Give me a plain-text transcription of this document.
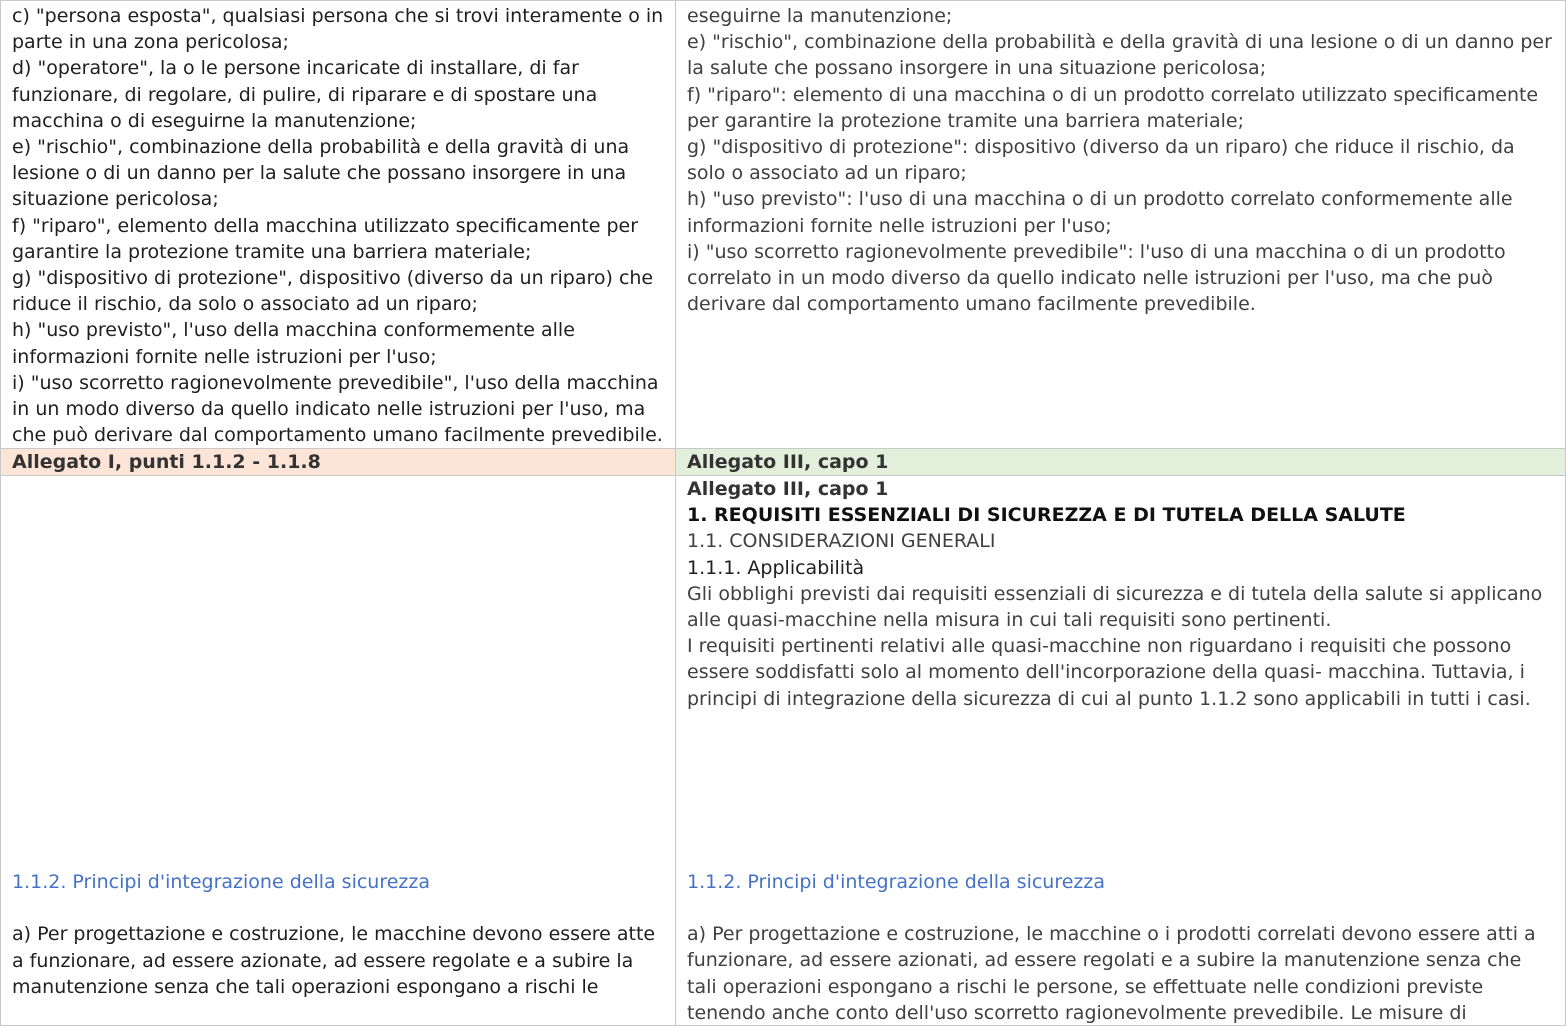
c) "persona esposta", qualsiasi persona che si trovi interamente o in
parte in una zona pericolosa;
d) "operatore", la o le persone incaricate di installare, di far
funzionare, di regolare, di pulire, di riparare e di spostare una
macchina o di eseguirne la manutenzione;
e) "rischio", combinazione della probabilità e della gravità di una
lesione o di un danno per la salute che possano insorgere in una
situazione pericolosa;
f) "riparo", elemento della macchina utilizzato specificamente per
garantire la protezione tramite una barriera materiale;
g) "dispositivo di protezione", dispositivo (diverso da un riparo) che
riduce il rischio, da solo o associato ad un riparo;
h) "uso previsto", l'uso della macchina conformemente alle
informazioni fornite nelle istruzioni per l'uso;
i) "uso scorretto ragionevolmente prevedibile", l'uso della macchina
in un modo diverso da quello indicato nelle istruzioni per l'uso, ma
che può derivare dal comportamento umano facilmente prevedibile.
eseguirne la manutenzione;
e) "rischio", combinazione della probabilità e della gravità di una lesione o di un danno per
la salute che possano insorgere in una situazione pericolosa;
f) "riparo": elemento di una macchina o di un prodotto correlato utilizzato specificamente
per garantire la protezione tramite una barriera materiale;
g) "dispositivo di protezione": dispositivo (diverso da un riparo) che riduce il rischio, da
solo o associato ad un riparo;
h) "uso previsto": l'uso di una macchina o di un prodotto correlato conformemente alle
informazioni fornite nelle istruzioni per l'uso;
i) "uso scorretto ragionevolmente prevedibile": l'uso di una macchina o di un prodotto
correlato in un modo diverso da quello indicato nelle istruzioni per l'uso, ma che può
derivare dal comportamento umano facilmente prevedibile.
Allegato I, punti 1.1.2 - 1.1.8	Allegato III, capo 1
1.1.2. Principi d'integrazione della sicurezza
a) Per progettazione e costruzione, le macchine devono essere atte
a funzionare, ad essere azionate, ad essere regolate e a subire la
manutenzione senza che tali operazioni espongano a rischi le
Allegato III, capo 1
1. REQUISITI ESSENZIALI DI SICUREZZA E DI TUTELA DELLA SALUTE
1.1. CONSIDERAZIONI GENERALI
1.1.1. Applicabilità
Gli obblighi previsti dai requisiti essenziali di sicurezza e di tutela della salute si applicano
alle quasi-macchine nella misura in cui tali requisiti sono pertinenti.
I requisiti pertinenti relativi alle quasi-macchine non riguardano i requisiti che possono
essere soddisfatti solo al momento dell'incorporazione della quasi- macchina. Tuttavia, i
principi di integrazione della sicurezza di cui al punto 1.1.2 sono applicabili in tutti i casi.
1.1.2. Principi d'integrazione della sicurezza
a) Per progettazione e costruzione, le macchine o i prodotti correlati devono essere atti a
funzionare, ad essere azionati, ad essere regolati e a subire la manutenzione senza che
tali operazioni espongano a rischi le persone, se effettuate nelle condizioni previste
tenendo anche conto dell'uso scorretto ragionevolmente prevedibile. Le misure di
